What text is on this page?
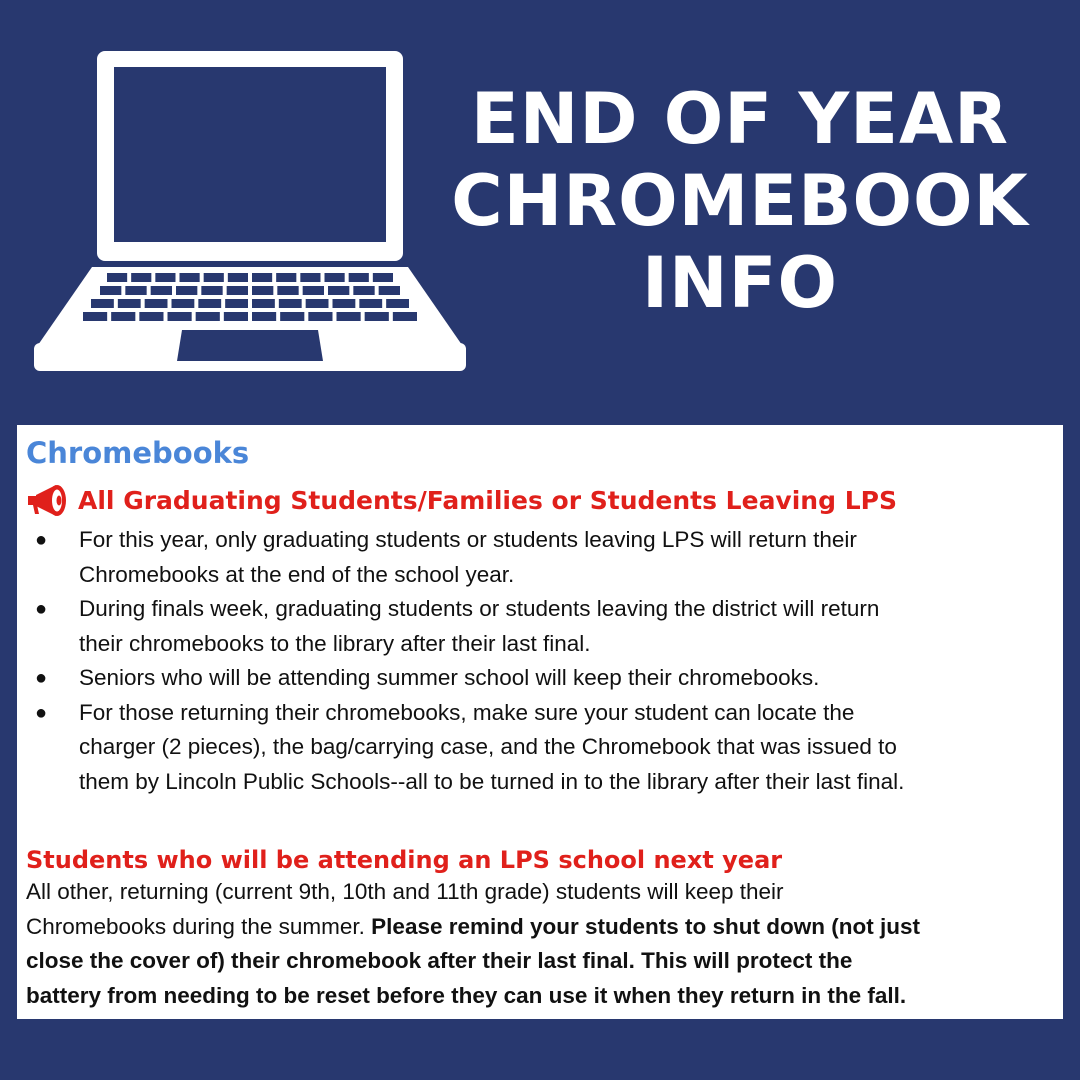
END OF YEAR
CHROMEBOOK
INFO
Chromebooks
All Graduating Students/Families or Students Leaving LPS
● For this year, only graduating students or students leaving LPS will return their
Chromebooks at the end of the school year.
● During finals week, graduating students or students leaving the district will return
their chromebooks to the library after their last final.
● Seniors who will be attending summer school will keep their chromebooks.
● For those returning their chromebooks, make sure your student can locate the
charger (2 pieces), the bag/carrying case, and the Chromebook that was issued to
them by Lincoln Public Schools--all to be turned in to the library after their last final.
Students who will be attending an LPS school next year
All other, returning (current 9th, 10th and 11th grade) students will keep their
Chromebooks during the summer. Please remind your students to shut down (not just
close the cover of) their chromebook after their last final. This will protect the
battery from needing to be reset before they can use it when they return in the fall.
